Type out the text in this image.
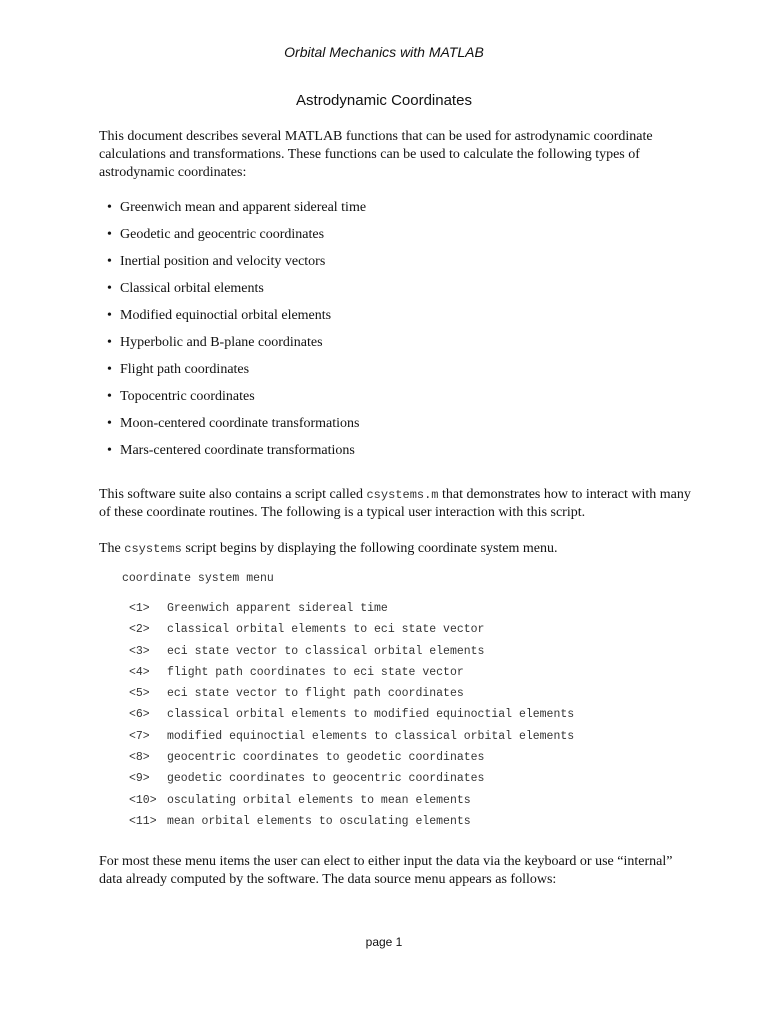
Orbital Mechanics with MATLAB
Astrodynamic Coordinates

This document describes several MATLAB functions that can be used for astrodynamic coordinate calculations and transformations. These functions can be used to calculate the following types of astrodynamic coordinates:

• Greenwich mean and apparent sidereal time
• Geodetic and geocentric coordinates
• Inertial position and velocity vectors
• Classical orbital elements
• Modified equinoctial orbital elements
• Hyperbolic and B-plane coordinates
• Flight path coordinates
• Topocentric coordinates
• Moon-centered coordinate transformations
• Mars-centered coordinate transformations

This software suite also contains a script called csystems.m that demonstrates how to interact with many of these coordinate routines. The following is a typical user interaction with this script.

The csystems script begins by displaying the following coordinate system menu.

coordinate system menu
<1> Greenwich apparent sidereal time
<2> classical orbital elements to eci state vector
<3> eci state vector to classical orbital elements
<4> flight path coordinates to eci state vector
<5> eci state vector to flight path coordinates
<6> classical orbital elements to modified equinoctial elements
<7> modified equinoctial elements to classical orbital elements
<8> geocentric coordinates to geodetic coordinates
<9> geodetic coordinates to geocentric coordinates
<10> osculating orbital elements to mean elements
<11> mean orbital elements to osculating elements

For most these menu items the user can elect to either input the data via the keyboard or use “internal” data already computed by the software. The data source menu appears as follows:

page 1
